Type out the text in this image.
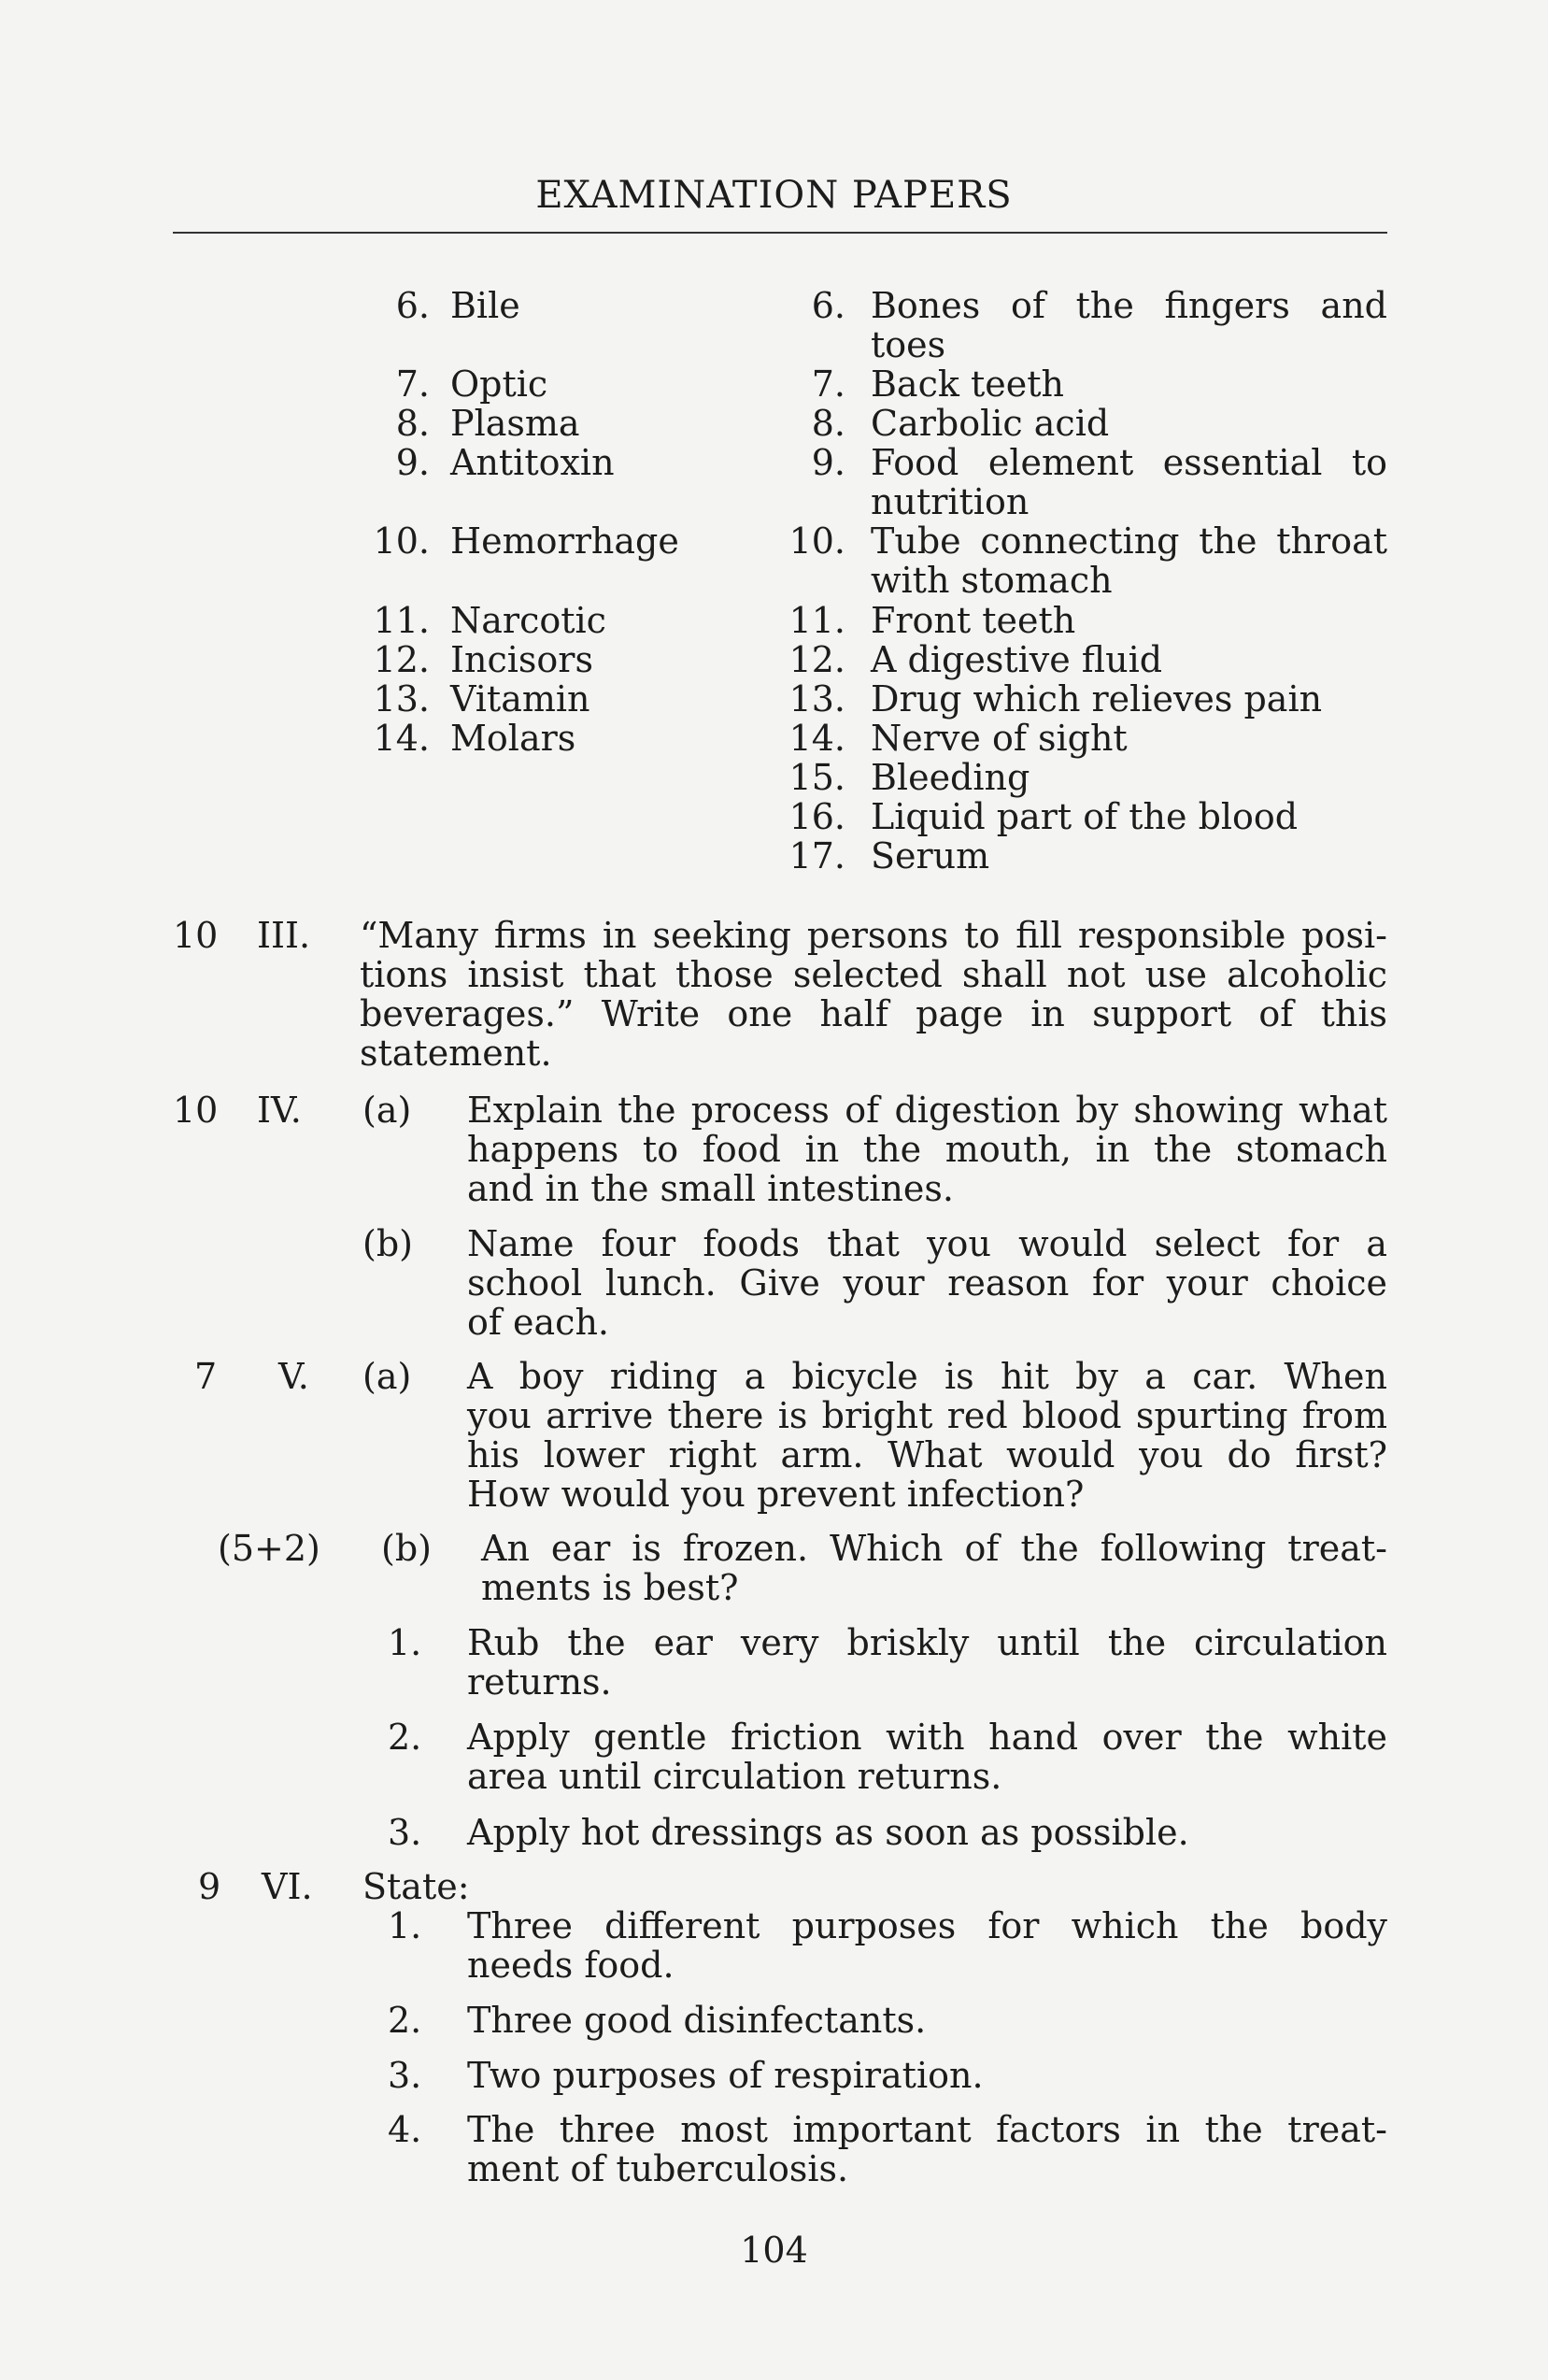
EXAMINATION PAPERS
6. Bile
7. Optic
8. Plasma
9. Antitoxin
10. Hemorrhage
11. Narcotic
12. Incisors
13. Vitamin
14. Molars
6. Bones of the fingers and
toes
7. Back teeth
8. Carbolic acid
9. Food element essential to
nutrition
10. Tube connecting the throat
with stomach
11. Front teeth
12. A digestive fluid
13. Drug which relieves pain
14. Nerve of sight
15. Bleeding
16. Liquid part of the blood
17. Serum
10 III. “Many firms in seeking persons to fill responsible posi-
tions insist that those selected shall not use alcoholic
beverages.” Write one half page in support of this
statement.
10 IV. (a) Explain the process of digestion by showing what
happens to food in the mouth, in the stomach
and in the small intestines.
(b) Name four foods that you would select for a
school lunch. Give your reason for your choice
of each.
7 V. (a) A boy riding a bicycle is hit by a car. When
you arrive there is bright red blood spurting from
his lower right arm. What would you do first?
How would you prevent infection?
(5+2) (b) An ear is frozen. Which of the following treat-
ments is best?
1. Rub the ear very briskly until the circulation
returns.
2. Apply gentle friction with hand over the white
area until circulation returns.
3. Apply hot dressings as soon as possible.
9 VI. State:
1. Three different purposes for which the body
needs food.
2. Three good disinfectants.
3. Two purposes of respiration.
4. The three most important factors in the treat-
ment of tuberculosis.
104
